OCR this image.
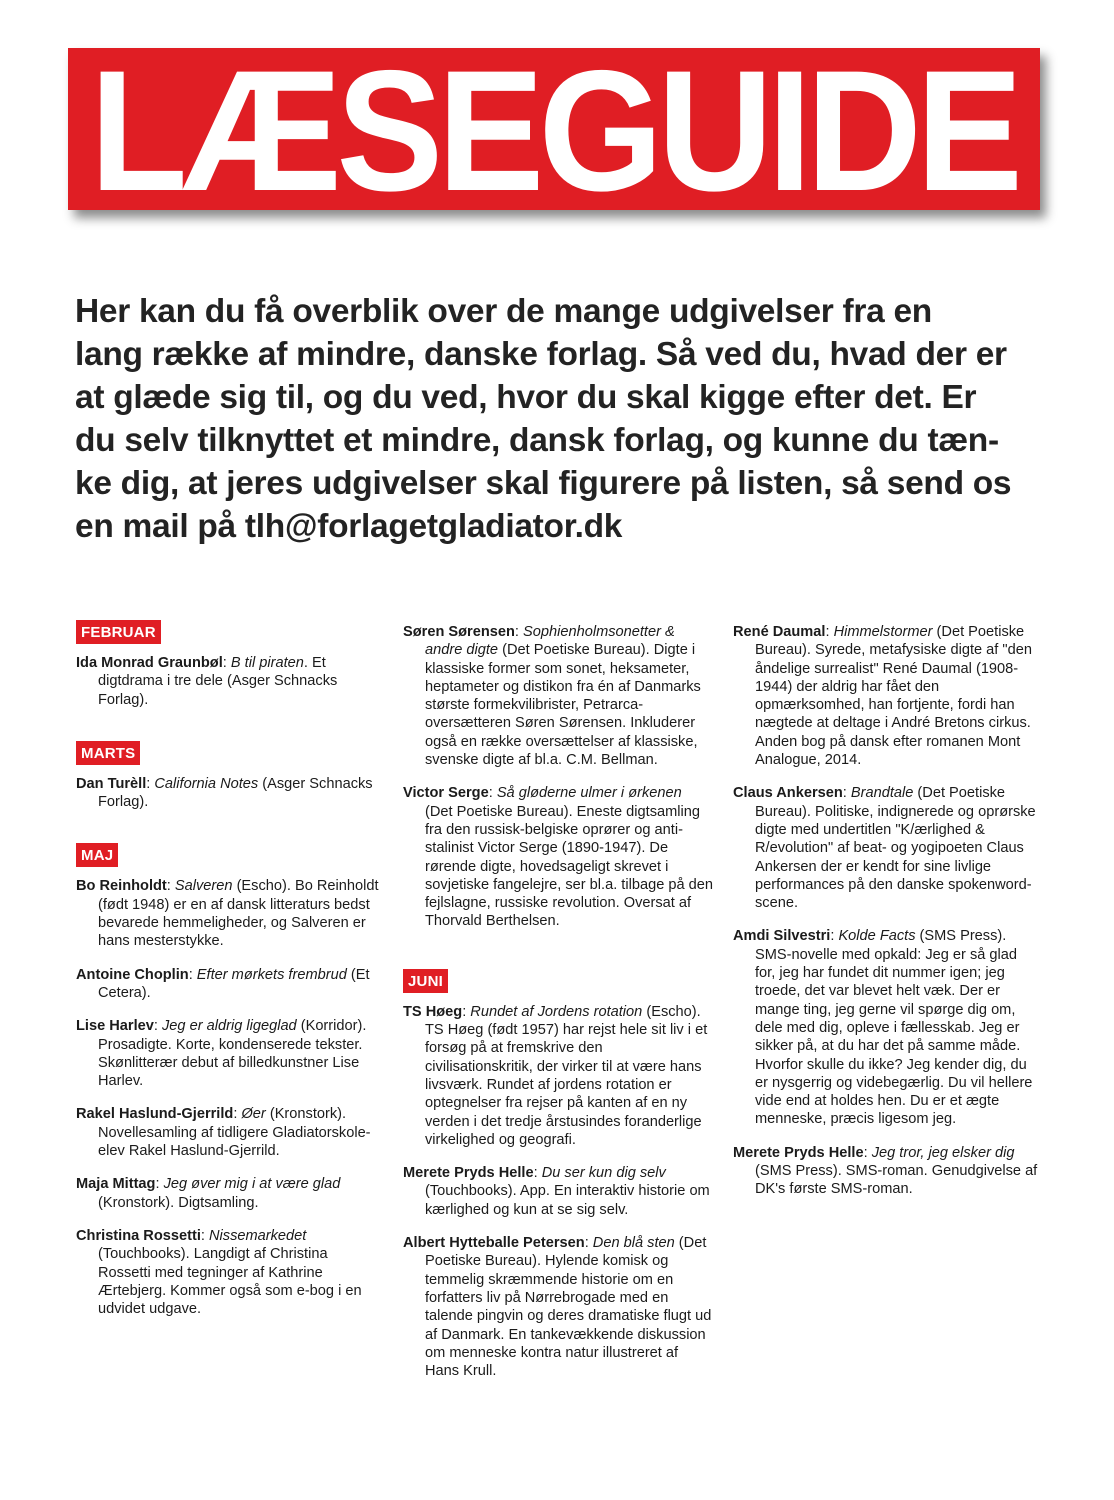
LÆSEGUIDE
Her kan du få overblik over de mange udgivelser fra en
lang række af mindre, danske forlag. Så ved du, hvad der er
at glæde sig til, og du ved, hvor du skal kigge efter det. Er
du selv tilknyttet et mindre, dansk forlag, og kunne du tæn-
ke dig, at jeres udgivelser skal figurere på listen, så send os
en mail på tlh@forlagetgladiator.dk
FEBRUAR

Ida Monrad Graunbøl: B til piraten. Et digtdrama i tre dele (Asger Schnacks Forlag).

MARTS

Dan Turèll: California Notes (Asger Schnacks Forlag).

MAJ

Bo Reinholdt: Salveren (Escho). Bo Reinholdt (født 1948) er en af dansk litteraturs bedst bevarede hemmeligheder, og Salveren er hans mesterstykke.

Antoine Choplin: Efter mørkets frembrud (Et Cetera).

Lise Harlev: Jeg er aldrig ligeglad (Korridor). Prosadigte. Korte, kondenserede tekster. Skønlitterær debut af billedkunstner Lise Harlev.

Rakel Haslund-Gjerrild: Øer (Kronstork). Novellesamling af tidligere Gladiatorskole-elev Rakel Haslund-Gjerrild.

Maja Mittag: Jeg øver mig i at være glad (Kronstork). Digtsamling.

Christina Rossetti: Nissemarkedet (Touchbooks). Langdigt af Christina Rossetti med tegninger af Kathrine Ærtebjerg. Kommer også som e-bog i en udvidet udgave.

Søren Sørensen: Sophienholmsonetter & andre digte (Det Poetiske Bureau). Digte i klassiske former som sonet, heksameter, heptameter og distikon fra én af Danmarks største formekvilibrister, Petrarca-oversætteren Søren Sørensen. Inkluderer også en række oversættelser af klassiske, svenske digte af bl.a. C.M. Bellman.

Victor Serge: Så gløderne ulmer i ørkenen (Det Poetiske Bureau). Eneste digtsamling fra den russisk-belgiske oprører og anti-stalinist Victor Serge (1890-1947). De rørende digte, hovedsageligt skrevet i sovjetiske fangelejre, ser bl.a. tilbage på den fejlslagne, russiske revolution. Oversat af Thorvald Berthelsen.

JUNI

TS Høeg: Rundet af Jordens rotation (Escho). TS Høeg (født 1957) har rejst hele sit liv i et forsøg på at fremskrive den civilisationskritik, der virker til at være hans livsværk. Rundet af jordens rotation er optegnelser fra rejser på kanten af en ny verden i det tredje årstusindes foranderlige virkelighed og geografi.

Merete Pryds Helle: Du ser kun dig selv (Touchbooks). App. En interaktiv historie om kærlighed og kun at se sig selv.

Albert Hytteballe Petersen: Den blå sten (Det Poetiske Bureau). Hylende komisk og temmelig skræmmende historie om en forfatters liv på Nørrebrogade med en talende pingvin og deres dramatiske flugt ud af Danmark. En tankevækkende diskussion om menneske kontra natur illustreret af Hans Krull.

René Daumal: Himmelstormer (Det Poetiske Bureau). Syrede, metafysiske digte af "den åndelige surrealist" René Daumal (1908-1944) der aldrig har fået den opmærksomhed, han fortjente, fordi han nægtede at deltage i André Bretons cirkus. Anden bog på dansk efter romanen Mont Analogue, 2014.

Claus Ankersen: Brandtale (Det Poetiske Bureau). Politiske, indignerede og oprørske digte med undertitlen "K/ærlighed & R/evolution" af beat- og yogipoeten Claus Ankersen der er kendt for sine livlige performances på den danske spokenword-scene.

Amdi Silvestri: Kolde Facts (SMS Press). SMS-novelle med opkald: Jeg er så glad for, jeg har fundet dit nummer igen; jeg troede, det var blevet helt væk. Der er mange ting, jeg gerne vil spørge dig om, dele med dig, opleve i fællesskab. Jeg er sikker på, at du har det på samme måde. Hvorfor skulle du ikke? Jeg kender dig, du er nysgerrig og videbegærlig. Du vil hellere vide end at holdes hen. Du er et ægte menneske, præcis ligesom jeg.

Merete Pryds Helle: Jeg tror, jeg elsker dig (SMS Press). SMS-roman. Genudgivelse af DK's første SMS-roman.
